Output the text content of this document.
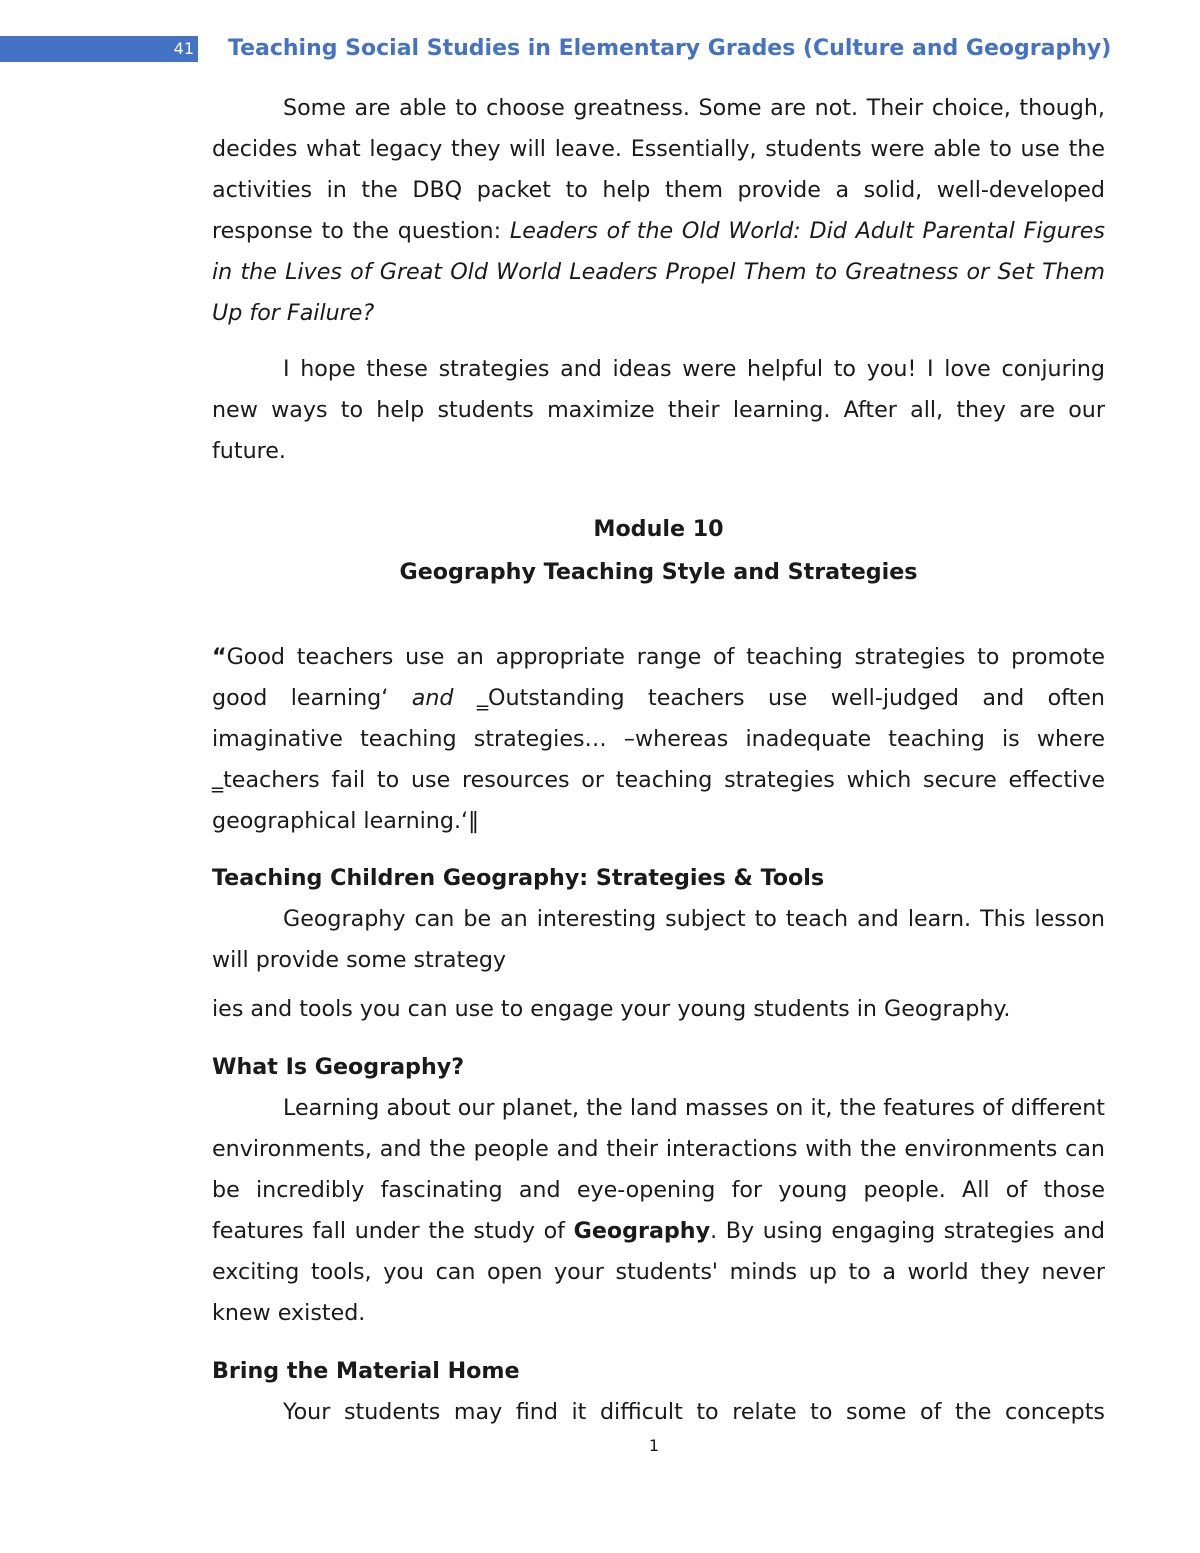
41 Teaching Social Studies in Elementary Grades (Culture and Geography)

Some are able to choose greatness. Some are not. Their choice, though, decides what legacy they will leave. Essentially, students were able to use the activities in the DBQ packet to help them provide a solid, well-developed response to the question: Leaders of the Old World: Did Adult Parental Figures in the Lives of Great Old World Leaders Propel Them to Greatness or Set Them Up for Failure?

I hope these strategies and ideas were helpful to you! I love conjuring new ways to help students maximize their learning. After all, they are our future.

Module 10

Geography Teaching Style and Strategies

“Good teachers use an appropriate range of teaching strategies to promote good learning‘ and ‗Outstanding teachers use well-judged and often imaginative teaching strategies… –whereas inadequate teaching is where ‗teachers fail to use resources or teaching strategies which secure effective geographical learning.‘‖

Teaching Children Geography: Strategies & Tools

Geography can be an interesting subject to teach and learn. This lesson will provide some strategy

ies and tools you can use to engage your young students in Geography.

What Is Geography?

Learning about our planet, the land masses on it, the features of different environments, and the people and their interactions with the environments can be incredibly fascinating and eye-opening for young people. All of those features fall under the study of Geography. By using engaging strategies and exciting tools, you can open your students' minds up to a world they never knew existed.

Bring the Material Home

Your students may find it difficult to relate to some of the concepts

1
